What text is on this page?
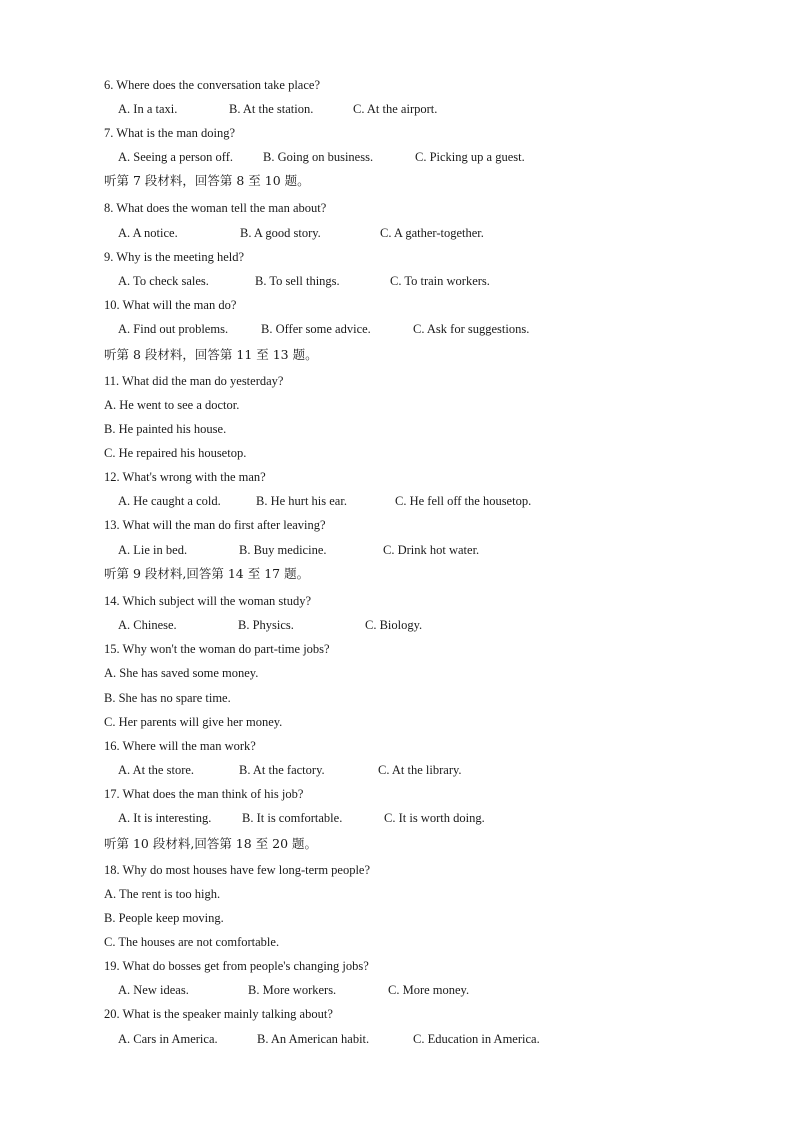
6. Where does the conversation take place?
A. In a taxi.	B. At the station.	C. At the airport.
7. What is the man doing?
A. Seeing a person off. B. Going on business.	C. Picking up a guest.
听第 7 段材料，回答第 8 至 10 题。
8. What does the woman tell the man about?
A. A notice.	B. A good story.	C. A gather-together.
9. Why is the meeting held?
A. To check sales.	B. To sell things.	C. To train workers.
10. What will the man do?
A. Find out problems.	B. Offer some advice.	C. Ask for suggestions.
听第 8 段材料，回答第 11 至 13 题。
11. What did the man do yesterday?
A. He went to see a doctor.
B. He painted his house.
C. He repaired his housetop.
12. What's wrong with the man?
A. He caught a cold.	B. He hurt his ear.	C. He fell off the housetop.
13. What will the man do first after leaving?
A. Lie in bed.	B. Buy medicine.	C. Drink hot water.
听第 9 段材料,回答第 14 至 17 题。
14. Which subject will the woman study?
A. Chinese.	B. Physics.	C. Biology.
15. Why won't the woman do part-time jobs?
A. She has saved some money.
B. She has no spare time.
C. Her parents will give her money.
16. Where will the man work?
A. At the store.	B. At the factory.	C. At the library.
17. What does the man think of his job?
A. It is interesting. B. It is comfortable.	C. It is worth doing.
听第 10 段材料,回答第 18 至 20 题。
18. Why do most houses have few long-term people?
A. The rent is too high.
B. People keep moving.
C. The houses are not comfortable.
19. What do bosses get from people's changing jobs?
A. New ideas.	B. More workers.	C. More money.
20. What is the speaker mainly talking about?
A. Cars in America.	B. An American habit.	C. Education in America.
